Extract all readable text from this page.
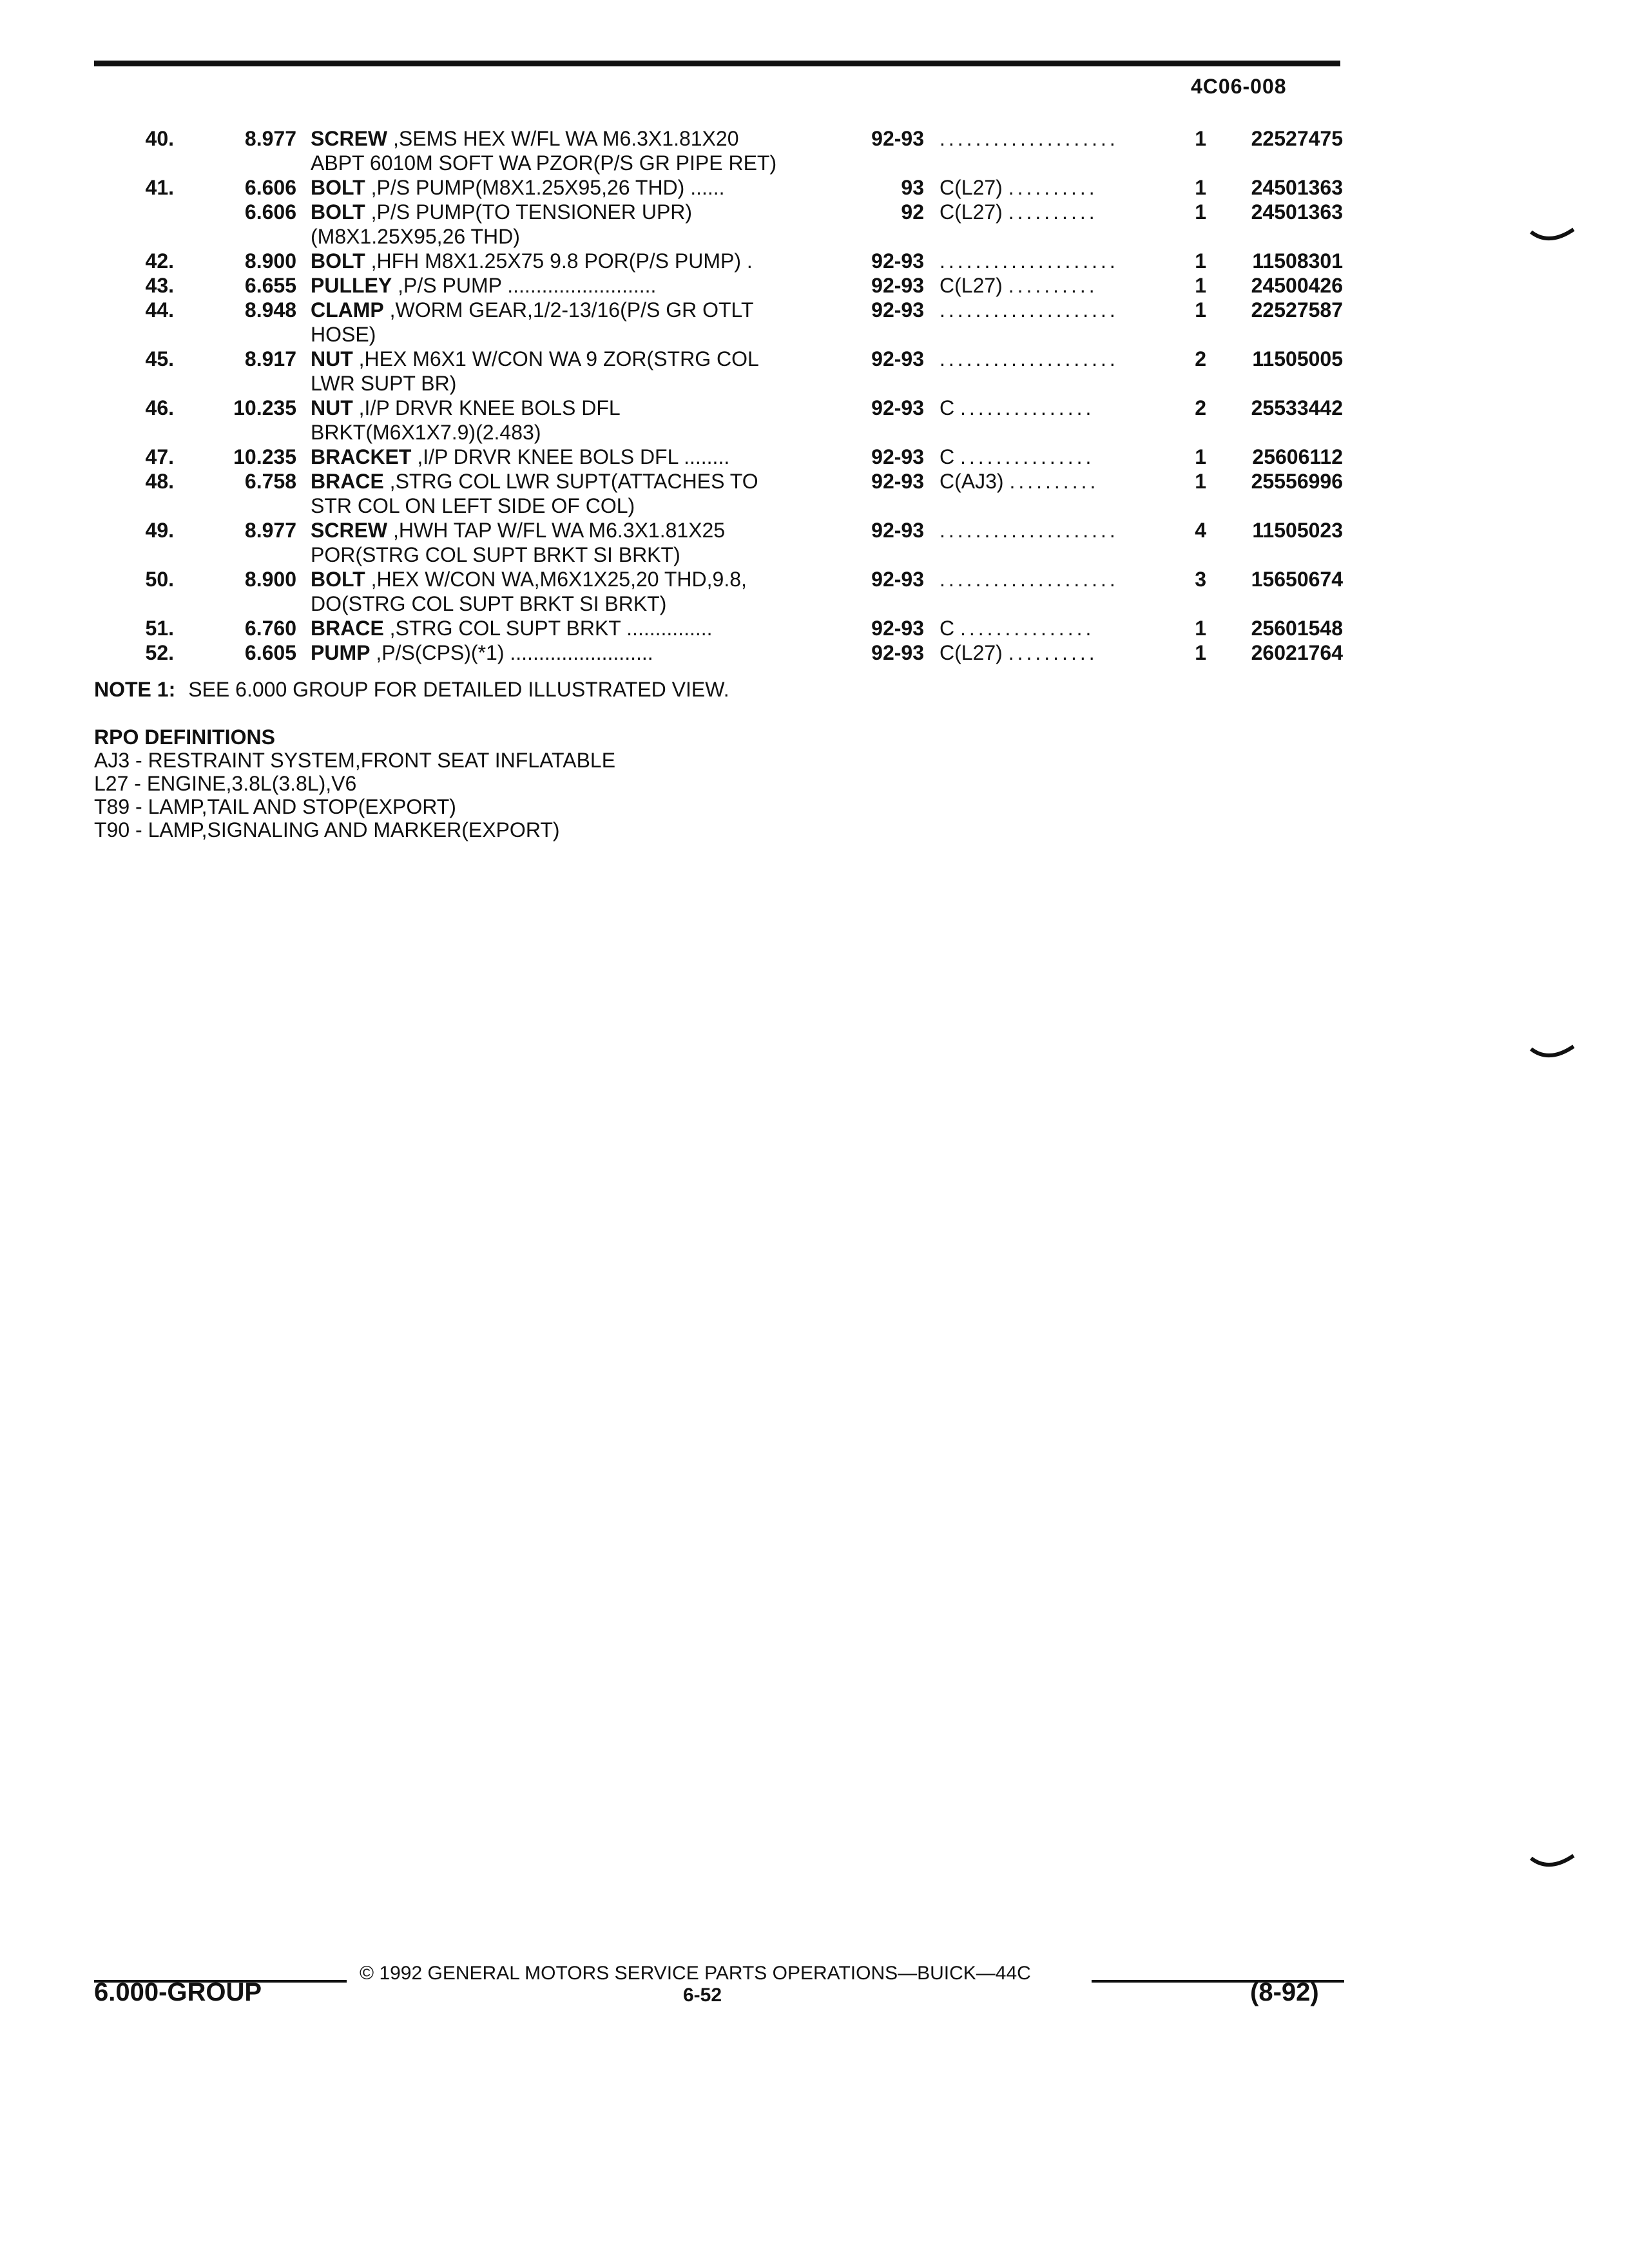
4C06-008
40.	8.977 SCREW ,SEMS HEX W/FL WA M6.3X1.81X20	92-93 ....................	1	22527475
ABPT 6010M SOFT WA PZOR(P/S GR PIPE RET)
41.	6.606 BOLT ,P/S PUMP(M8X1.25X95,26 THD) ......	93 C(L27) ..........	1	24501363
6.606 BOLT ,P/S PUMP(TO TENSIONER UPR)	92 C(L27) ..........	1	24501363
(M8X1.25X95,26 THD)
42.	8.900 BOLT ,HFH M8X1.25X75 9.8 POR(P/S PUMP) .	92-93 ....................	1	11508301
43.	6.655 PULLEY ,P/S PUMP ..........................	92-93 C(L27) ..........	1	24500426
44.	8.948 CLAMP ,WORM GEAR,1/2-13/16(P/S GR OTLT	92-93 ....................	1	22527587
HOSE)
45.	8.917 NUT ,HEX M6X1 W/CON WA 9 ZOR(STRG COL	92-93 ....................	2	11505005
LWR SUPT BR)
46.	10.235 NUT ,I/P DRVR KNEE BOLS DFL	92-93 C ...............	2	25533442
BRKT(M6X1X7.9)(2.483)
47.	10.235 BRACKET ,I/P DRVR KNEE BOLS DFL ........	92-93 C ...............	1	25606112
48.	6.758 BRACE ,STRG COL LWR SUPT(ATTACHES TO	92-93 C(AJ3) ..........	1	25556996
STR COL ON LEFT SIDE OF COL)
49.	8.977 SCREW ,HWH TAP W/FL WA M6.3X1.81X25	92-93 ....................	4	11505023
POR(STRG COL SUPT BRKT SI BRKT)
50.	8.900 BOLT ,HEX W/CON WA,M6X1X25,20 THD,9.8,	92-93 ....................	3	15650674
DO(STRG COL SUPT BRKT SI BRKT)
51.	6.760 BRACE ,STRG COL SUPT BRKT ...............	92-93 C ...............	1	25601548
52.	6.605 PUMP ,P/S(CPS)(*1) .........................	92-93 C(L27) ..........	1	26021764
NOTE 1: SEE 6.000 GROUP FOR DETAILED ILLUSTRATED VIEW.
RPO DEFINITIONS
AJ3 - RESTRAINT SYSTEM,FRONT SEAT INFLATABLE
L27 - ENGINE,3.8L(3.8L),V6
T89 - LAMP,TAIL AND STOP(EXPORT)
T90 - LAMP,SIGNALING AND MARKER(EXPORT)
© 1992 GENERAL MOTORS SERVICE PARTS OPERATIONS—BUICK—44C
6.000-GROUP	6-52	(8-92)
